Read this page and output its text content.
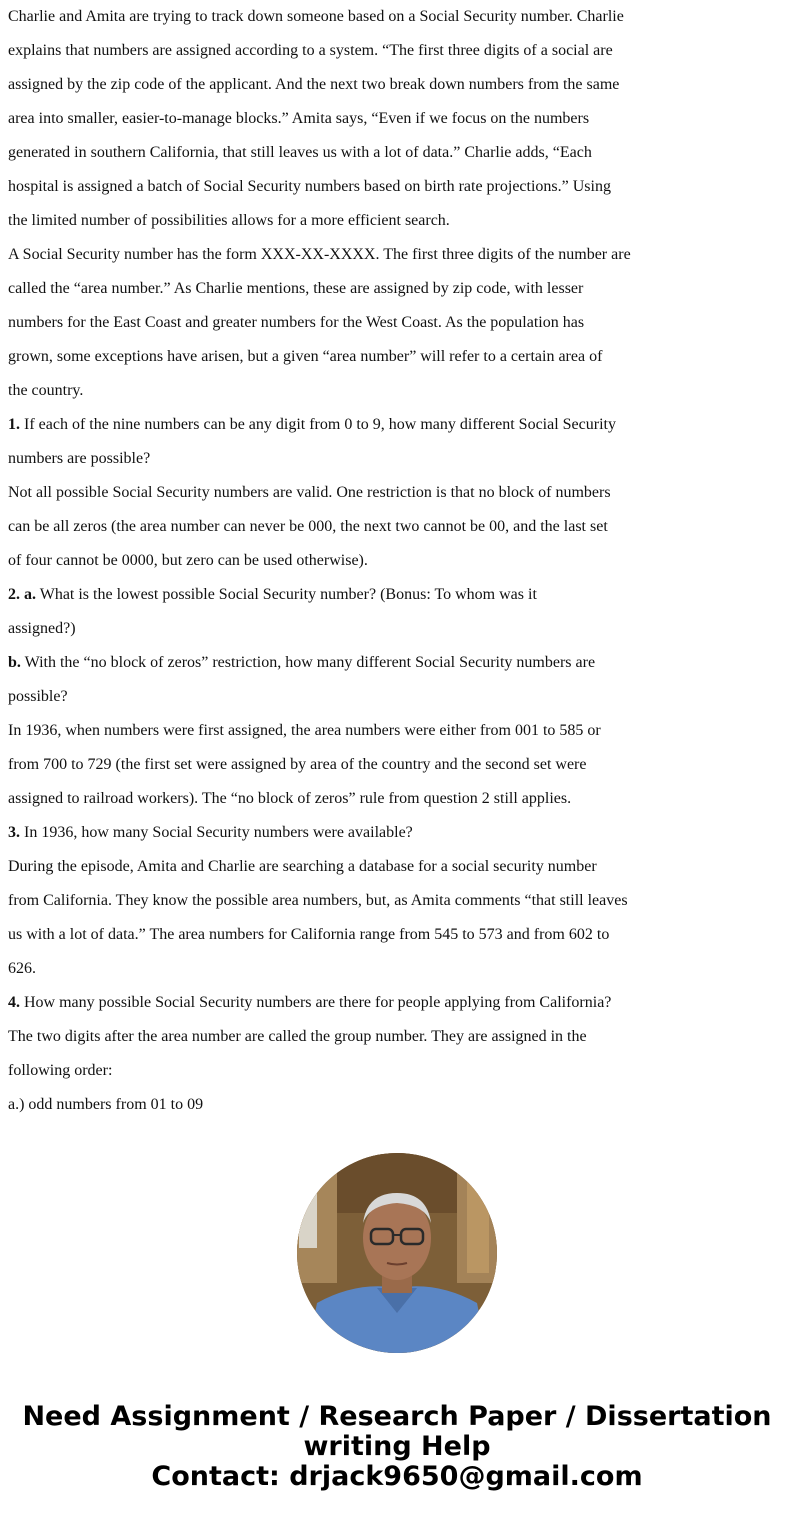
Charlie and Amita are trying to track down someone based on a Social Security number. Charlie
explains that numbers are assigned according to a system. “The first three digits of a social are
assigned by the zip code of the applicant. And the next two break down numbers from the same
area into smaller, easier-to-manage blocks.” Amita says, “Even if we focus on the numbers
generated in southern California, that still leaves us with a lot of data.” Charlie adds, “Each
hospital is assigned a batch of Social Security numbers based on birth rate projections.” Using
the limited number of possibilities allows for a more efficient search.
A Social Security number has the form XXX-XX-XXXX. The first three digits of the number are
called the “area number.” As Charlie mentions, these are assigned by zip code, with lesser
numbers for the East Coast and greater numbers for the West Coast. As the population has
grown, some exceptions have arisen, but a given “area number” will refer to a certain area of
the country.
1. If each of the nine numbers can be any digit from 0 to 9, how many different Social Security
numbers are possible?
Not all possible Social Security numbers are valid. One restriction is that no block of numbers
can be all zeros (the area number can never be 000, the next two cannot be 00, and the last set
of four cannot be 0000, but zero can be used otherwise).
2. a. What is the lowest possible Social Security number? (Bonus: To whom was it
assigned?)
b. With the “no block of zeros” restriction, how many different Social Security numbers are
possible?
In 1936, when numbers were first assigned, the area numbers were either from 001 to 585 or
from 700 to 729 (the first set were assigned by area of the country and the second set were
assigned to railroad workers). The “no block of zeros” rule from question 2 still applies.
3. In 1936, how many Social Security numbers were available?
During the episode, Amita and Charlie are searching a database for a social security number
from California. They know the possible area numbers, but, as Amita comments “that still leaves
us with a lot of data.” The area numbers for California range from 545 to 573 and from 602 to
626.
4. How many possible Social Security numbers are there for people applying from California?
The two digits after the area number are called the group number. They are assigned in the
following order:
a.) odd numbers from 01 to 09
Need Assignment / Research Paper / Dissertation
writing Help
Contact: drjack9650@gmail.com
